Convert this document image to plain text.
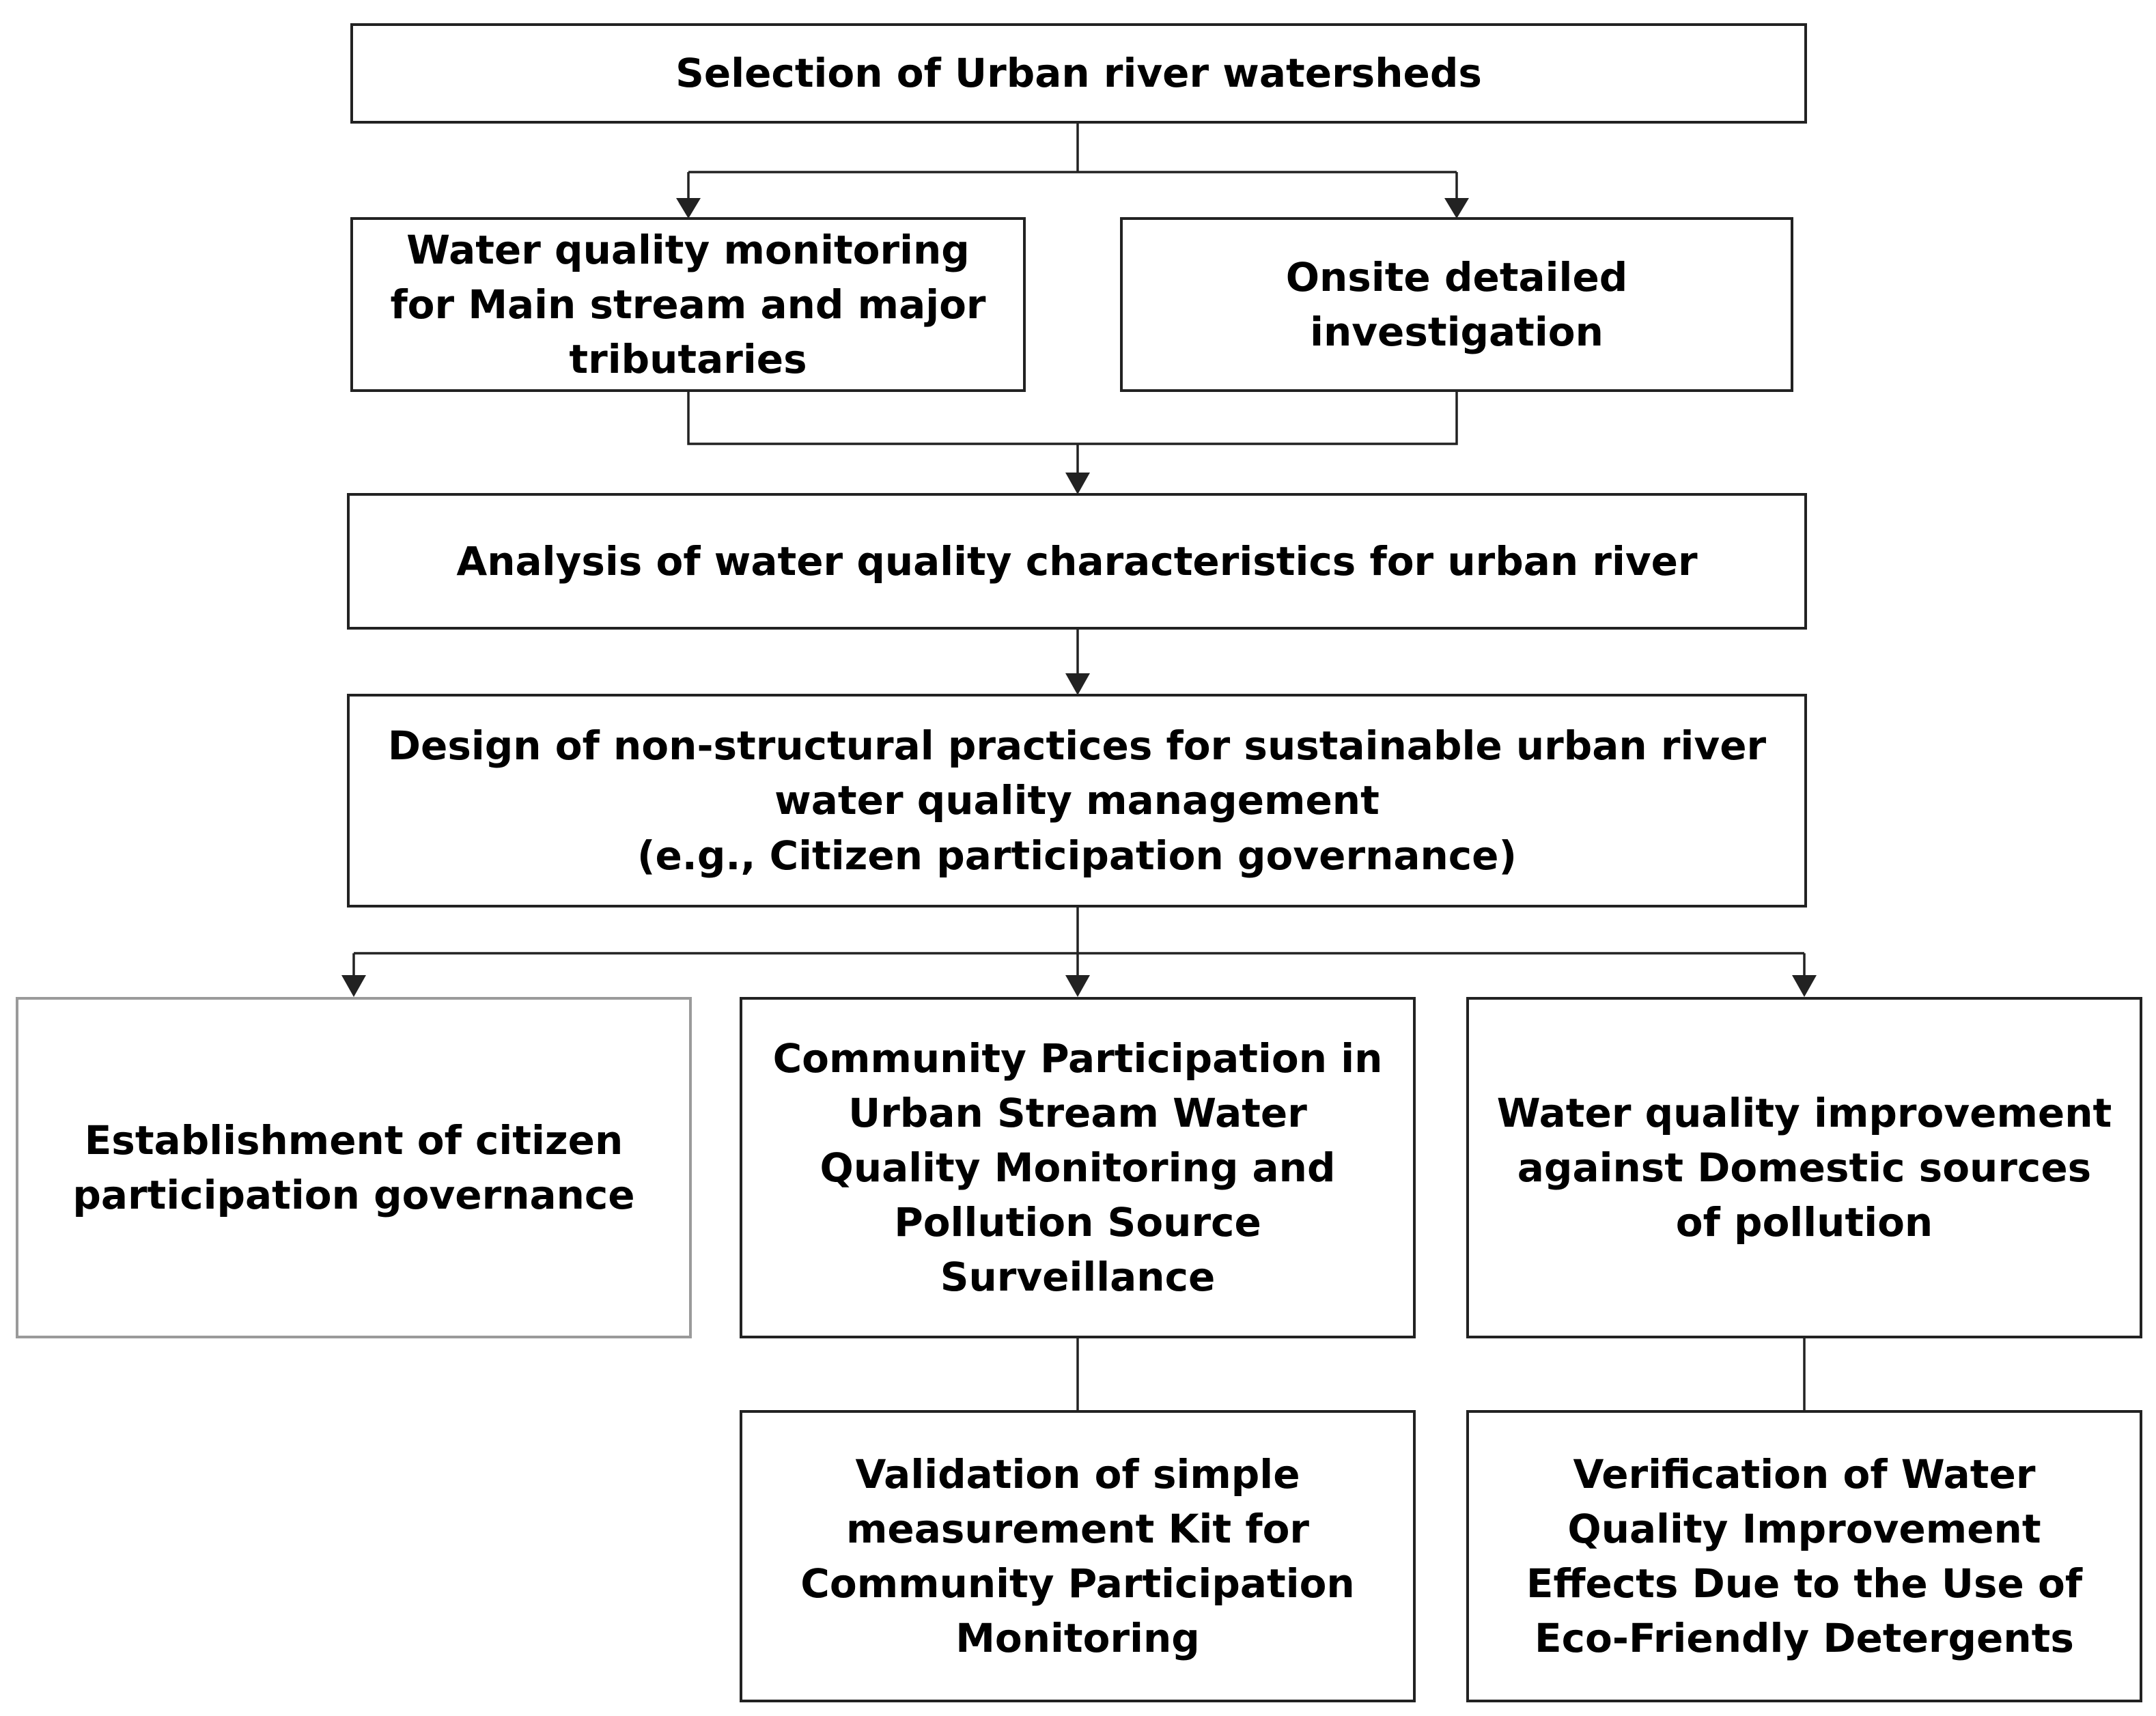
Selection of Urban river watersheds
Water quality monitoring
for Main stream and major
tributaries
Onsite detailed
investigation
Analysis of water quality characteristics for urban river
Design of non-structural practices for sustainable urban river
water quality management
(e.g., Citizen participation governance)
Establishment of citizen
participation governance
Community Participation in
Urban Stream Water
Quality Monitoring and
Pollution Source
Surveillance
Water quality improvement
against Domestic sources
of pollution
Validation of simple
measurement Kit for
Community Participation
Monitoring
Verification of Water
Quality Improvement
Effects Due to the Use of
Eco-Friendly Detergents
